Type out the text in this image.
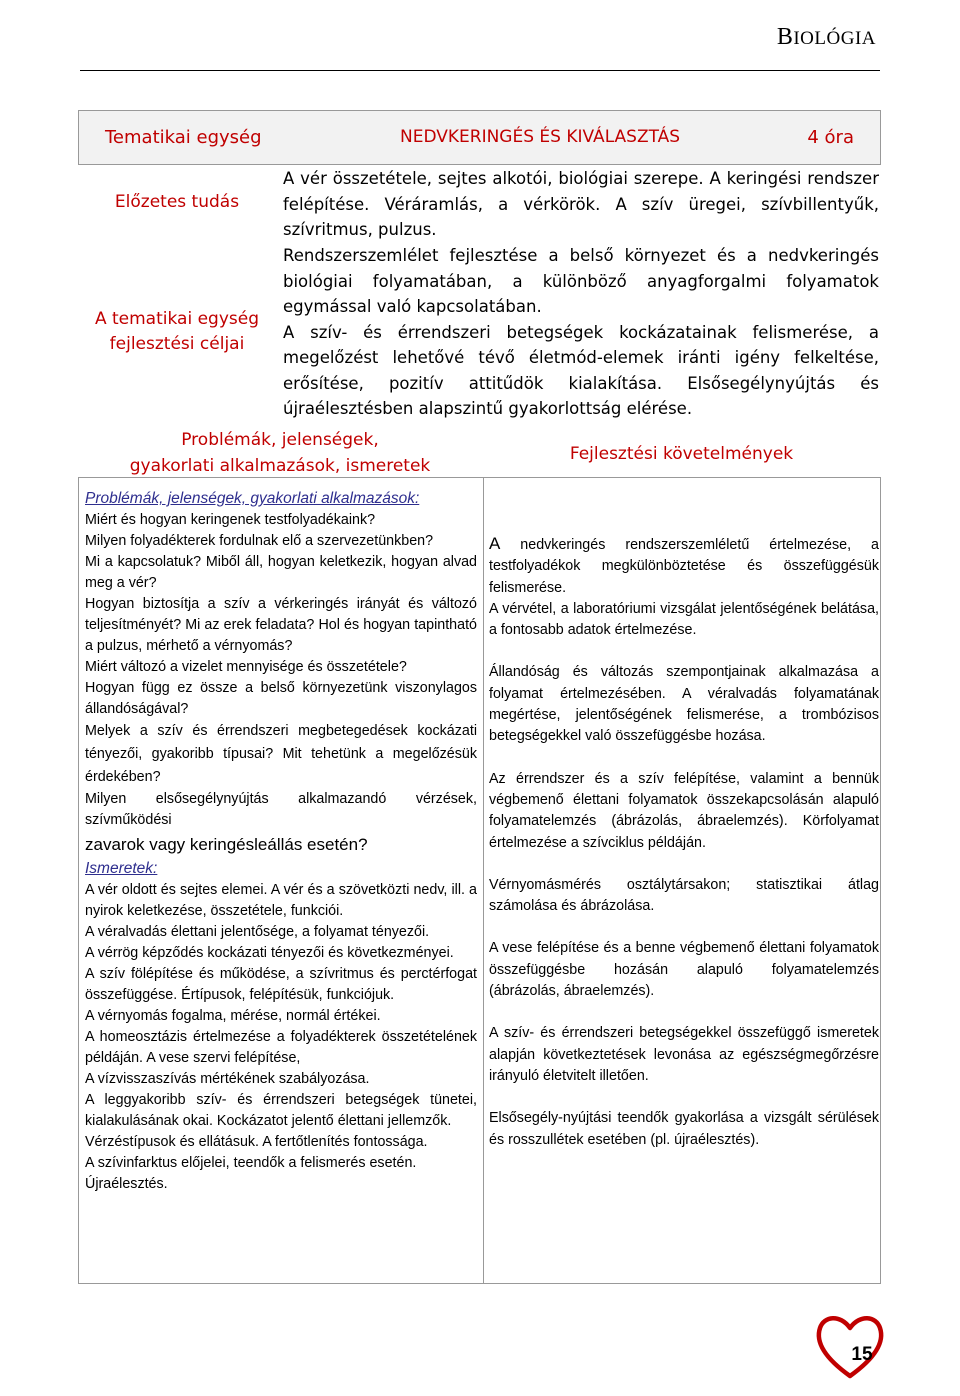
BIOLÓGIA
Tematikai egység	NEDVKERINGÉS ÉS KIVÁLASZTÁS	4 óra
Előzetes tudás

A vér összetétele, sejtes alkotói, biológiai szerepe. A keringési rendszer felépítése. Véráramlás, a vérkörök. A szív üregei, szívbillentyűk, szívritmus, pulzus.

A tematikai egység
fejlesztési céljai

Rendszerszemlélet fejlesztése a belső környezet és a nedvkeringés biológiai folyamatában, a különböző anyagforgalmi folyamatok egymással való kapcsolatában.

A szív- és érrendszeri betegségek kockázatainak felismerése, a megelőzést lehetővé tévő életmód-elemek iránti igény felkeltése, erősítése, pozitív attitűdök kialakítása. Elsősegélynyújtás és újraélesztésben alapszintű gyakorlottság elérése.

Problémák, jelenségek,
gyakorlati alkalmazások, ismeretek
Fejlesztési követelmények

Problémák, jelenségek, gyakorlati alkalmazások:

Miért és hogyan keringenek testfolyadékaink?

Milyen folyadékterek fordulnak elő a szervezetünkben?

Mi a kapcsolatuk? Miből áll, hogyan keletkezik, hogyan alvad meg a vér?

Hogyan biztosítja a szív a vérkeringés irányát és változó teljesítményét? Mi az erek feladata? Hol és hogyan tapintható a pulzus, mérhető a vérnyomás?

Miért változó a vizelet mennyisége és összetétele?

Hogyan függ ez össze a belső környezetünk viszonylagos állandóságával?

Melyek a szív és érrendszeri megbetegedések kockázati tényezői, gyakoribb típusai? Mit tehetünk a megelőzésük érdekében?

Milyen elsősegélynyújtás alkalmazandó vérzések, szívműködési

zavarok vagy keringésleállás esetén?

Ismeretek:

A vér oldott és sejtes elemei. A vér és a szövetközti nedv, ill. a nyirok keletkezése, összetétele, funkciói.

A véralvadás élettani jelentősége, a folyamat tényezői.

A vérrög képződés kockázati tényezői és következményei.

A szív fölépítése és működése, a szívritmus és perctérfogat összefüggése. Értípusok, felépítésük, funkciójuk.

A vérnyomás fogalma, mérése, normál értékei.

A homeosztázis értelmezése a folyadékterek összetételének példáján. A vese szervi felépítése,

A vízvisszaszívás mértékének szabályozása.

A leggyakoribb szív- és érrendszeri betegségek tünetei, kialakulásának okai. Kockázatot jelentő élettani jellemzők.

Vérzéstípusok és ellátásuk. A fertőtlenítés fontossága.

A szívinfarktus előjelei, teendők a felismerés esetén.

Újraélesztés.

A nedvkeringés rendszerszemléletű értelmezése, a testfolyadékok megkülönböztetése és összefüggésük felismerése.

A vérvétel, a laboratóriumi vizsgálat jelentőségének belátása, a fontosabb adatok értelmezése.

Állandóság és változás szempontjainak alkalmazása a folyamat értelmezésében. A véralvadás folyamatának megértése, jelentőségének felismerése, a trombózisos betegségekkel való összefüggésbe hozása.

Az érrendszer és a szív felépítése, valamint a bennük végbemenő élettani folyamatok összekapcsolásán alapuló folyamatelemzés (ábrázolás, ábraelemzés). Körfolyamat értelmezése a szívciklus példáján.

Vérnyomásmérés osztálytársakon; statisztikai átlag számolása és ábrázolása.

A vese felépítése és a benne végbemenő élettani folyamatok összefüggésbe hozásán alapuló folyamatelemzés (ábrázolás, ábraelemzés).

A szív- és érrendszeri betegségekkel összefüggő ismeretek alapján következtetések levonása az egészségmegőrzésre irányuló életvitelt illetően.

Elsősegély-nyújtási teendők gyakorlása a vizsgált sérülések és rosszullétek esetében (pl. újraélesztés).

15
